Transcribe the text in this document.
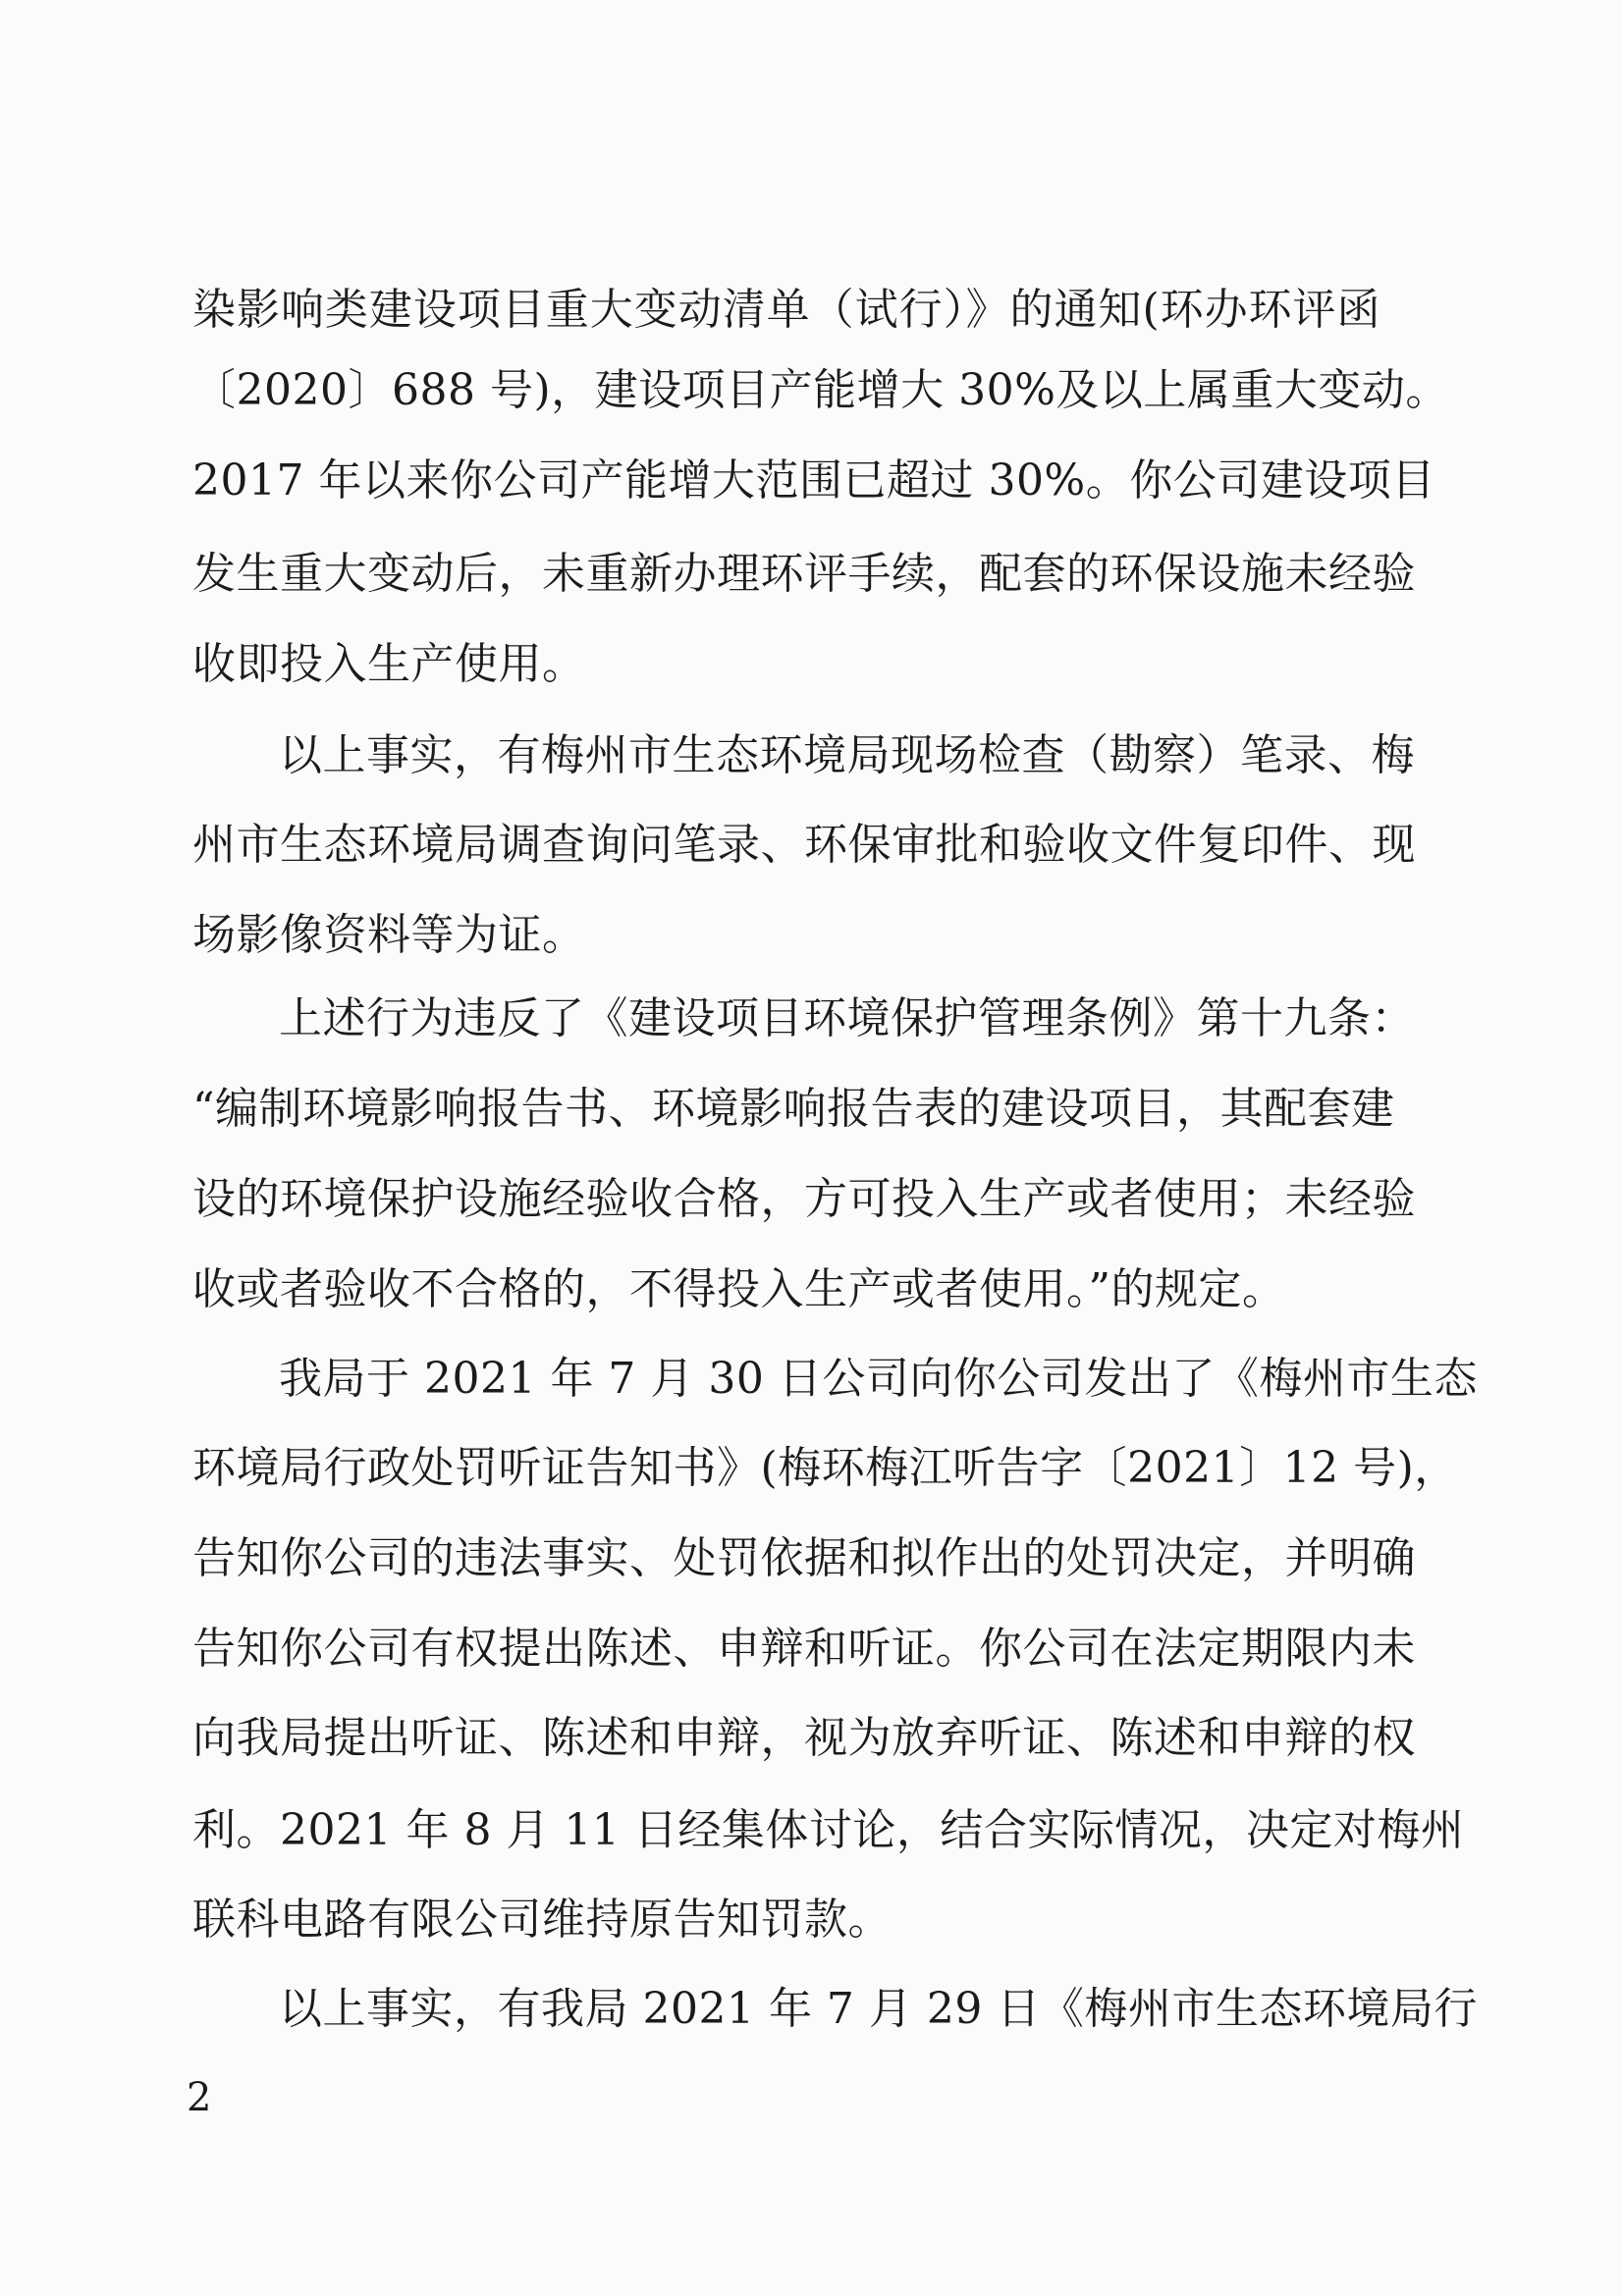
染影响类建设项目重大变动清单（试行）》的通知(环办环评函
〔2020〕688 号)，建设项目产能增大 30%及以上属重大变动。
2017 年以来你公司产能增大范围已超过 30%。你公司建设项目
发生重大变动后，未重新办理环评手续，配套的环保设施未经验
收即投入生产使用。
以上事实，有梅州市生态环境局现场检查（勘察）笔录、梅
州市生态环境局调查询问笔录、环保审批和验收文件复印件、现
场影像资料等为证。
上述行为违反了《建设项目环境保护管理条例》第十九条：
“编制环境影响报告书、环境影响报告表的建设项目，其配套建
设的环境保护设施经验收合格，方可投入生产或者使用；未经验
收或者验收不合格的，不得投入生产或者使用。”的规定。
我局于 2021 年 7 月 30 日公司向你公司发出了《梅州市生态
环境局行政处罚听证告知书》(梅环梅江听告字〔2021〕12 号)，
告知你公司的违法事实、处罚依据和拟作出的处罚决定，并明确
告知你公司有权提出陈述、申辩和听证。你公司在法定期限内未
向我局提出听证、陈述和申辩，视为放弃听证、陈述和申辩的权
利。2021 年 8 月 11 日经集体讨论，结合实际情况，决定对梅州
联科电路有限公司维持原告知罚款。
以上事实，有我局 2021 年 7 月 29 日《梅州市生态环境局行
2
